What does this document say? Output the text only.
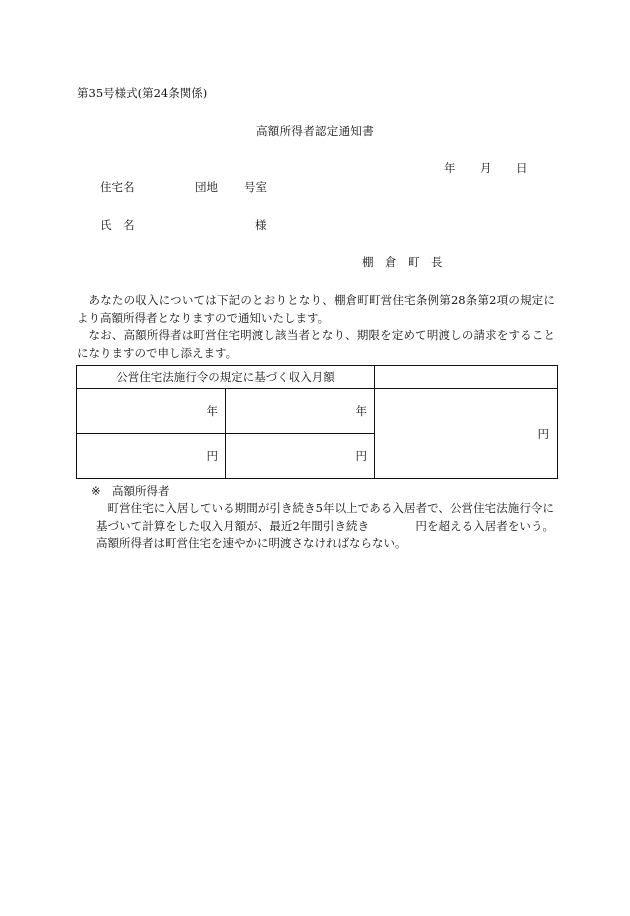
第35号様式(第24条関係)
高額所得者認定通知書
年 月 日
住宅名	団地 号室
氏　名	様
棚　倉　町　長

あなたの収入については下記のとおりとなり、棚倉町町営住宅条例第28条第2項の規定により高額所得者となりますので通知いたします。

なお、高額所得者は町営住宅明渡し該当者となり、期限を定めて明渡しの請求をすることになりますので申し添えます。

公営住宅法施行令の規定に基づく収入月額		
年	年	円
円	円	
※ 高額所得者

町営住宅に入居している期間が引き続き5年以上である入居者で、公営住宅法施行令に基づいて計算をした収入月額が、最近2年間引き続き　　　　円を超える入居者をいう。高額所得者は町営住宅を速やかに明渡さなければならない。
